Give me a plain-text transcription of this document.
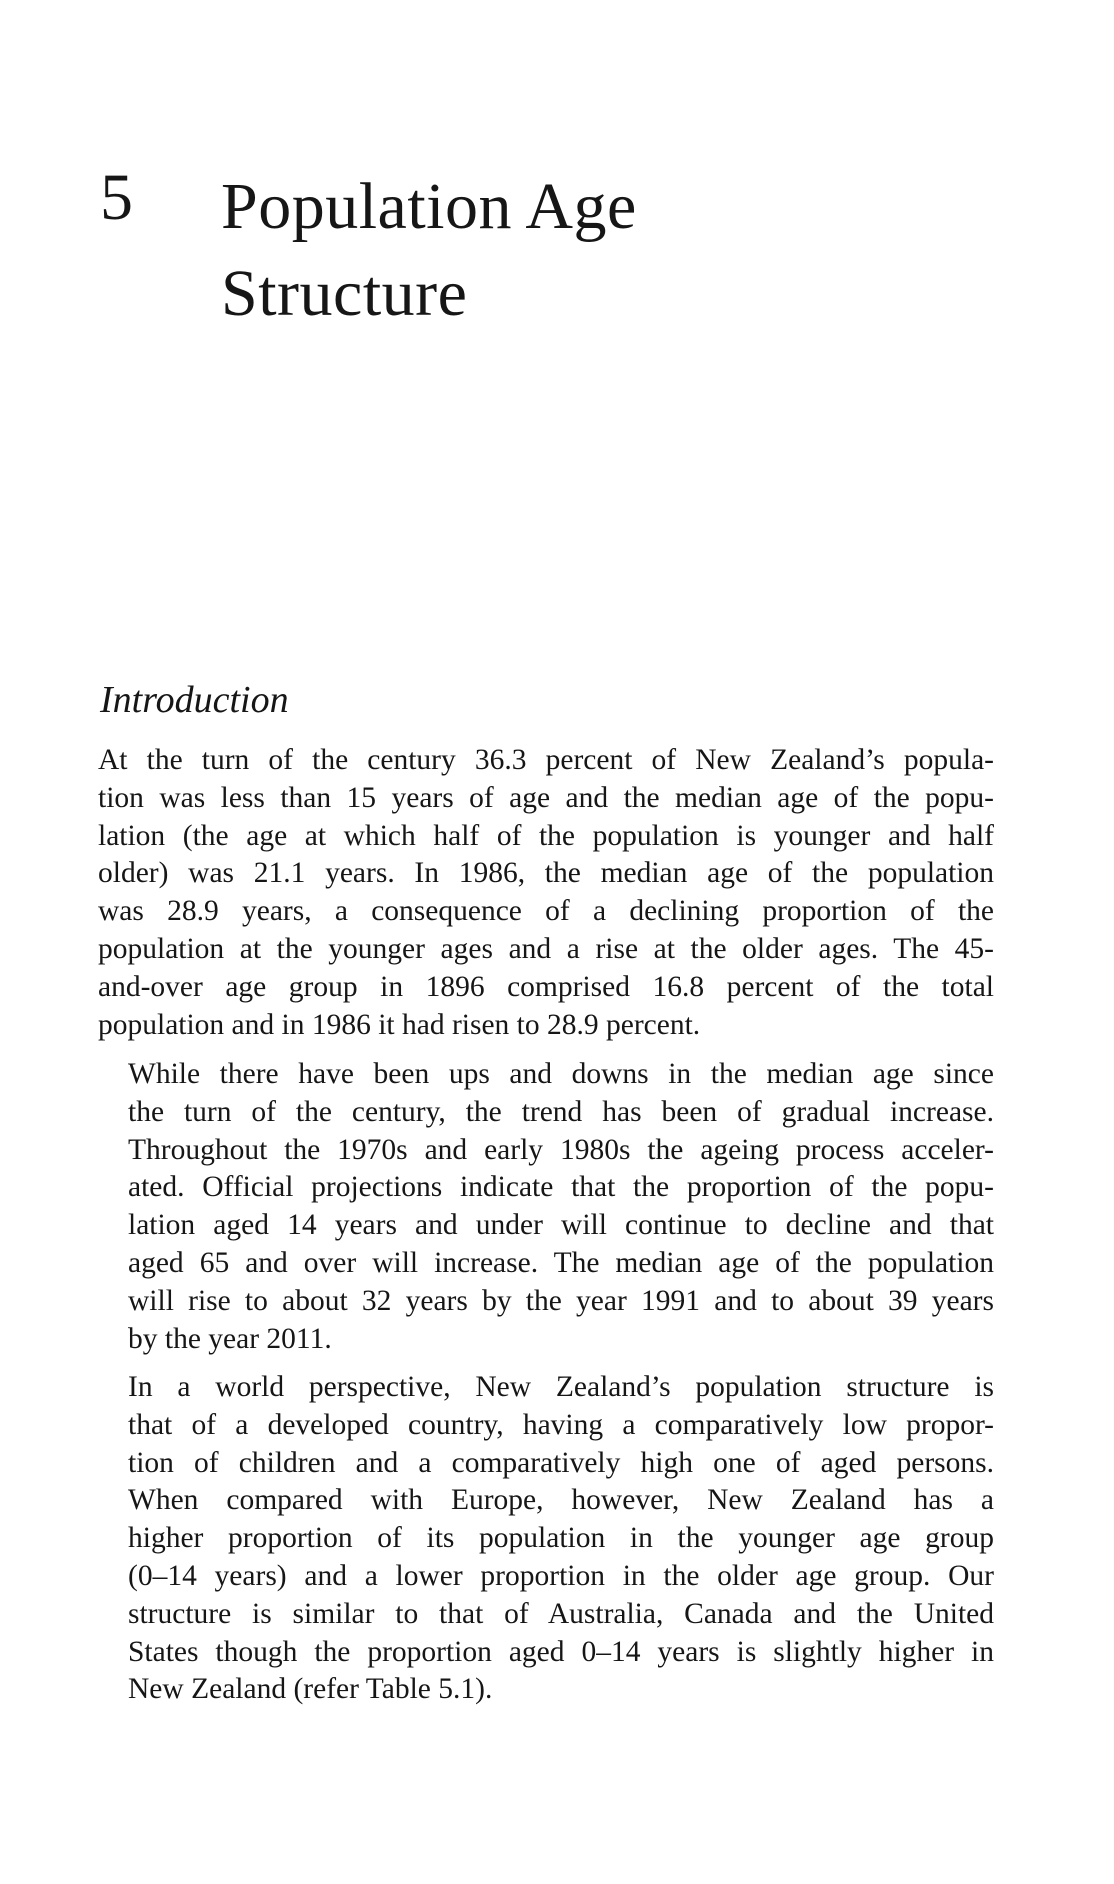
5 Population Age
Structure
Introduction

At the turn of the century 36.3 percent of New Zealand’s popula-
tion was less than 15 years of age and the median age of the popu-
lation (the age at which half of the population is younger and half
older) was 21.1 years. In 1986, the median age of the population
was 28.9 years, a consequence of a declining proportion of the
population at the younger ages and a rise at the older ages. The 45-
and-over age group in 1896 comprised 16.8 percent of the total
population and in 1986 it had risen to 28.9 percent.

While there have been ups and downs in the median age since
the turn of the century, the trend has been of gradual increase.
Throughout the 1970s and early 1980s the ageing process acceler-
ated. Official projections indicate that the proportion of the popu-
lation aged 14 years and under will continue to decline and that
aged 65 and over will increase. The median age of the population
will rise to about 32 years by the year 1991 and to about 39 years
by the year 2011.

In a world perspective, New Zealand’s population structure is
that of a developed country, having a comparatively low propor-
tion of children and a comparatively high one of aged persons.
When compared with Europe, however, New Zealand has a
higher proportion of its population in the younger age group
(0–14 years) and a lower proportion in the older age group. Our
structure is similar to that of Australia, Canada and the United
States though the proportion aged 0–14 years is slightly higher in
New Zealand (refer Table 5.1).
